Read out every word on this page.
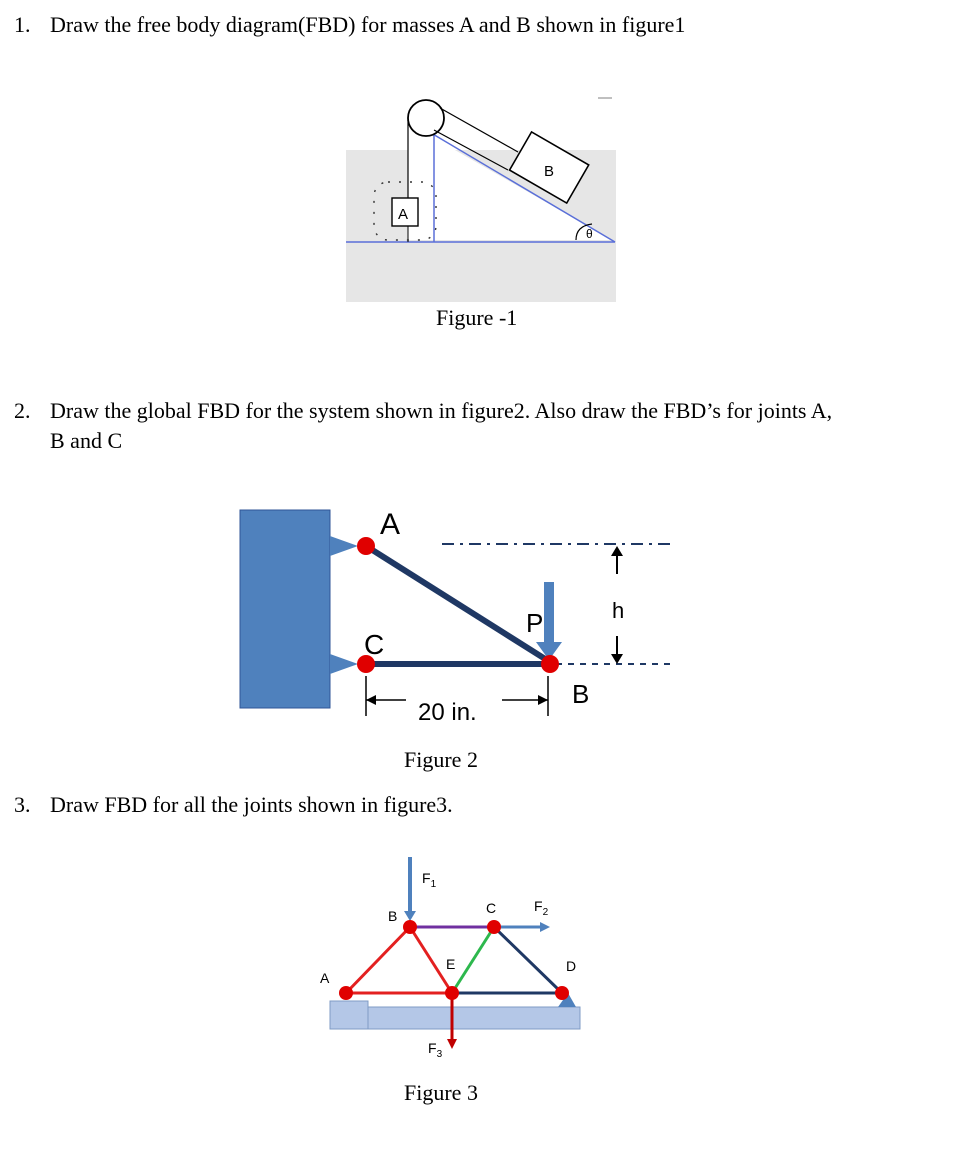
1. Draw the free body diagram(FBD) for masses A and B shown in figure1
A
B
θ
Figure -1
2. Draw the global FBD for the system shown in figure2. Also draw the FBD’s for joints A,
B and C
A
C
P	h
B
20 in.
Figure 2
3. Draw FBD for all the joints shown in figure3.
A
B	C
D
E
$F_1$
$F_2$
$F_3$
Figure 3
